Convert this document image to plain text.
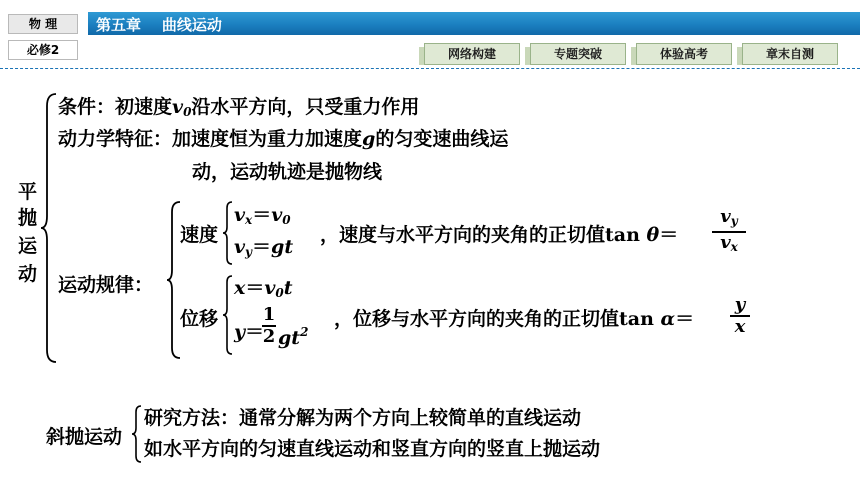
第五章 曲线运动
物 理
必修2	网络构建	专题突破	体验高考	章末自测
平
抛
运
动
条件：初速度$v_0$沿水平方向，只受重力作用
动力学特征：加速度恒为重力加速度g的匀变速曲线运
动，运动轨迹是抛物线
运动规律：
速度
$v_x=v_0$
$v_y=gt$
，速度与水平方向的夹角的正切值tan θ＝
$v_y$
$v_x$
位移
$x=v_0t$
y＝
1
2 $gt^2$
，位移与水平方向的夹角的正切值tan α＝
y
x
斜抛运动
研究方法：通常分解为两个方向上较简单的直线运动
如水平方向的匀速直线运动和竖直方向的竖直上抛运动
